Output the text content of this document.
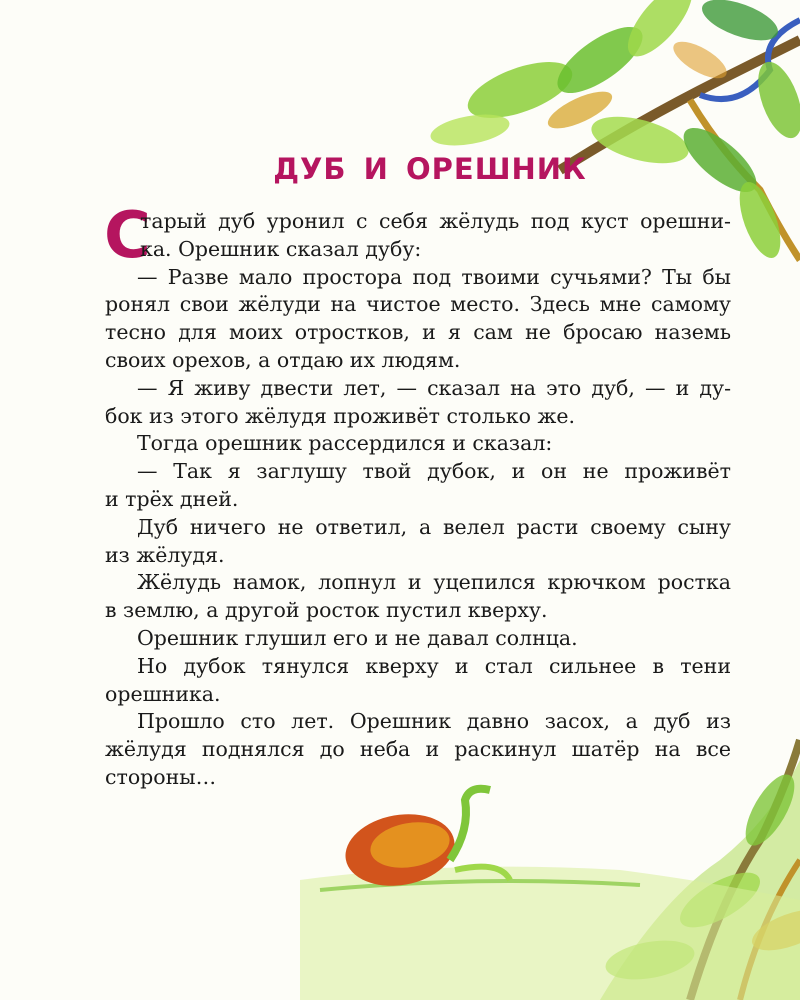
ДУБ И ОРЕШНИК
С
тарый дуб уронил с себя жёлудь под куст орешни-
ка. Орешник сказал дубу:
— Разве мало простора под твоими сучьями? Ты бы
ронял свои жёлуди на чистое место. Здесь мне самому
тесно для моих отростков, и я сам не бросаю наземь
своих орехов, а отдаю их людям.
— Я живу двести лет, — сказал на это дуб, — и ду-
бок из этого жёлудя проживёт столько же.
Тогда орешник рассердился и сказал:
— Так я заглушу твой дубок, и он не проживёт
и трёх дней.
Дуб ничего не ответил, а велел расти своему сыну
из жёлудя.
Жёлудь намок, лопнул и уцепился крючком ростка
в землю, а другой росток пустил кверху.
Орешник глушил его и не давал солнца.
Но дубок тянулся кверху и стал сильнее в тени
орешника.
Прошло сто лет. Орешник давно засох, а дуб из
жёлудя поднялся до неба и раскинул шатёр на все
стороны…
